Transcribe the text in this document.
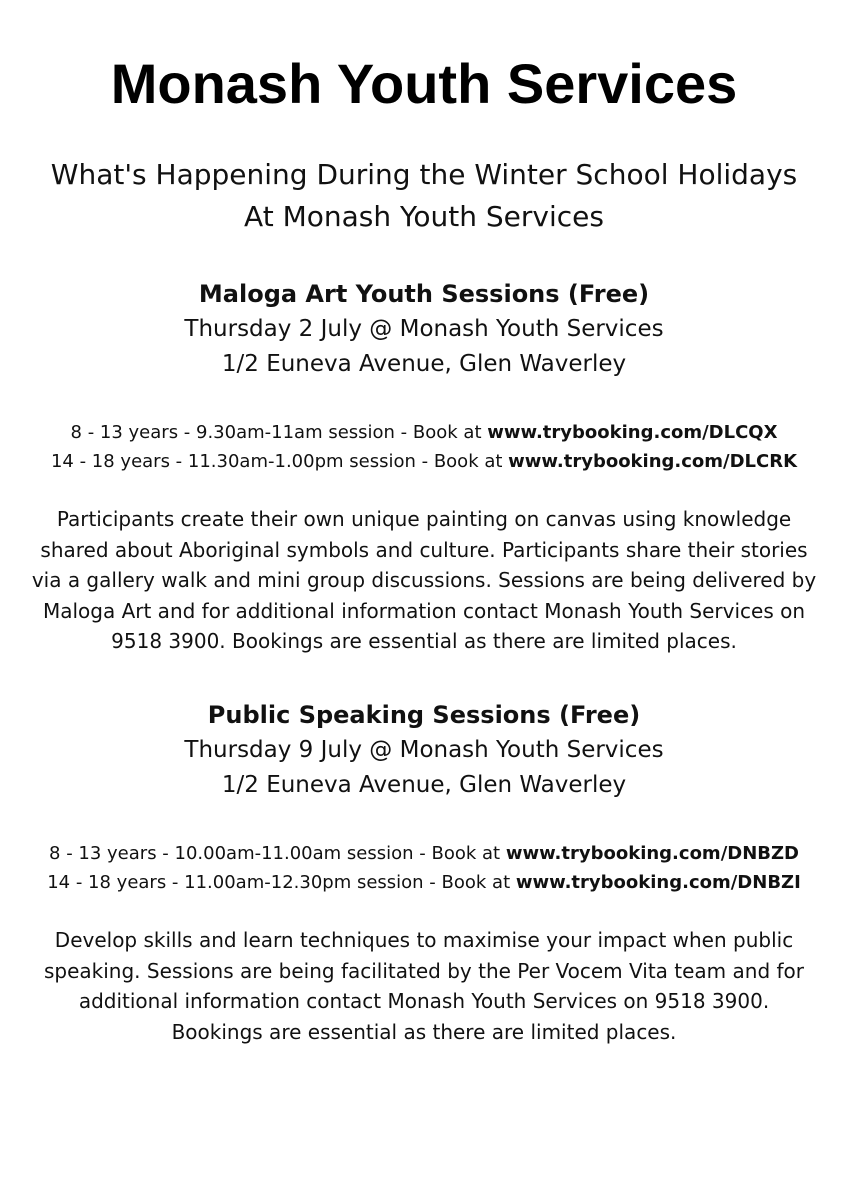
Monash Youth Services
What's Happening During the Winter School Holidays
At Monash Youth Services
Maloga Art Youth Sessions (Free)
Thursday 2 July @ Monash Youth Services
1/2 Euneva Avenue, Glen Waverley
8 - 13 years - 9.30am-11am session - Book at www.trybooking.com/DLCQX
14 - 18 years - 11.30am-1.00pm session - Book at www.trybooking.com/DLCRK
Participants create their own unique painting on canvas using knowledge
shared about Aboriginal symbols and culture. Participants share their stories
via a gallery walk and mini group discussions. Sessions are being delivered by
Maloga Art and for additional information contact Monash Youth Services on
9518 3900. Bookings are essential as there are limited places.
Public Speaking Sessions (Free)
Thursday 9 July @ Monash Youth Services
1/2 Euneva Avenue, Glen Waverley
8 - 13 years - 10.00am-11.00am session - Book at www.trybooking.com/DNBZD
14 - 18 years - 11.00am-12.30pm session - Book at www.trybooking.com/DNBZI
Develop skills and learn techniques to maximise your impact when public
speaking. Sessions are being facilitated by the Per Vocem Vita team and for
additional information contact Monash Youth Services on 9518 3900.
Bookings are essential as there are limited places.
